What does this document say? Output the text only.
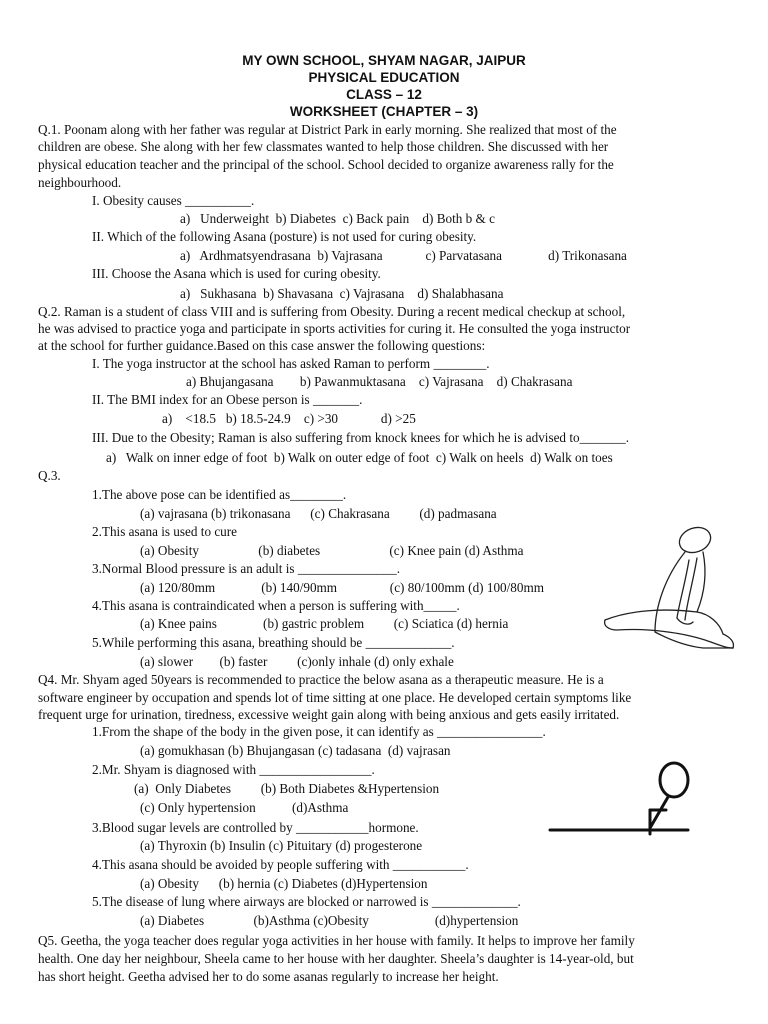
MY OWN SCHOOL, SHYAM NAGAR, JAIPUR
PHYSICAL EDUCATION
CLASS – 12
WORKSHEET (CHAPTER – 3)
Q.1. Poonam along with her father was regular at District Park in early morning. She realized that most of the
children are obese. She along with her few classmates wanted to help those children. She discussed with her
physical education teacher and the principal of the school. School decided to organize awareness rally for the
neighbourhood.
I. Obesity causes __________.
a)   Underweight  b) Diabetes  c) Back pain    d) Both b & c
II. Which of the following Asana (posture) is not used for curing obesity.
a)   Ardhmatsyendrasana  b) Vajrasana             c) Parvatasana              d) Trikonasana
III. Choose the Asana which is used for curing obesity.
a)   Sukhasana  b) Shavasana  c) Vajrasana    d) Shalabhasana
Q.2. Raman is a student of class VIII and is suffering from Obesity. During a recent medical checkup at school,
he was advised to practice yoga and participate in sports activities for curing it. He consulted the yoga instructor
at the school for further guidance.Based on this case answer the following questions:
I. The yoga instructor at the school has asked Raman to perform ________.
a) Bhujangasana        b) Pawanmuktasana    c) Vajrasana    d) Chakrasana
II. The BMI index for an Obese person is _______.
a)    <18.5   b) 18.5-24.9    c) >30             d) >25
III. Due to the Obesity; Raman is also suffering from knock knees for which he is advised to_______.
a)   Walk on inner edge of foot  b) Walk on outer edge of foot  c) Walk on heels  d) Walk on toes
Q.3.
1.The above pose can be identified as________.
(a) vajrasana (b) trikonasana      (c) Chakrasana         (d) padmasana
2.This asana is used to cure
(a) Obesity                  (b) diabetes                     (c) Knee pain (d) Asthma
3.Normal Blood pressure is an adult is _______________.
(a) 120/80mm              (b) 140/90mm                (c) 80/100mm (d) 100/80mm
4.This asana is contraindicated when a person is suffering with_____.
(a) Knee pains              (b) gastric problem         (c) Sciatica (d) hernia
5.While performing this asana, breathing should be _____________.
(a) slower        (b) faster         (c)only inhale (d) only exhale
Q4. Mr. Shyam aged 50years is recommended to practice the below asana as a therapeutic measure. He is a
software engineer by occupation and spends lot of time sitting at one place. He developed certain symptoms like
frequent urge for urination, tiredness, excessive weight gain along with being anxious and gets easily irritated.
1.From the shape of the body in the given pose, it can identify as ________________.
(a) gomukhasan (b) Bhujangasan (c) tadasana  (d) vajrasan
2.Mr. Shyam is diagnosed with _________________.
(a)  Only Diabetes         (b) Both Diabetes &Hypertension
(c) Only hypertension           (d)Asthma
3.Blood sugar levels are controlled by ___________hormone.
(a) Thyroxin (b) Insulin (c) Pituitary (d) progesterone
4.This asana should be avoided by people suffering with ___________.
(a) Obesity      (b) hernia (c) Diabetes (d)Hypertension
5.The disease of lung where airways are blocked or narrowed is _____________.
(a) Diabetes               (b)Asthma (c)Obesity                    (d)hypertension
Q5. Geetha, the yoga teacher does regular yoga activities in her house with family. It helps to improve her family
health. One day her neighbour, Sheela came to her house with her daughter. Sheela’s daughter is 14-year-old, but
has short height. Geetha advised her to do some asanas regularly to increase her height.
